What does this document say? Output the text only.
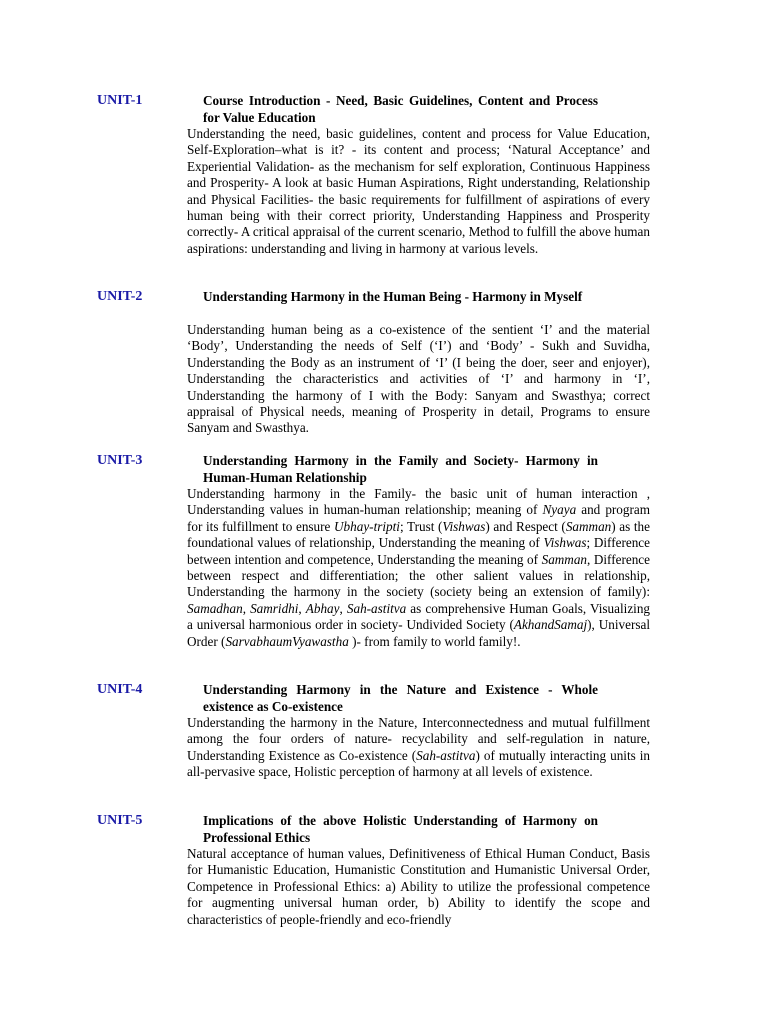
UNIT-1	Course Introduction - Need, Basic Guidelines, Content and Process for Value Education
Understanding the need, basic guidelines, content and process for Value Education, Self-Exploration–what is it? - its content and process; ‘Natural Acceptance’ and Experiential Validation- as the mechanism for self exploration, Continuous Happiness and Prosperity- A look at basic Human Aspirations, Right understanding, Relationship and Physical Facilities- the basic requirements for fulfillment of aspirations of every human being with their correct priority, Understanding Happiness and Prosperity correctly- A critical appraisal of the current scenario, Method to fulfill the above human aspirations: understanding and living in harmony at various levels.
UNIT-2	Understanding Harmony in the Human Being - Harmony in Myself
Understanding human being as a co-existence of the sentient ‘I’ and the material ‘Body’, Understanding the needs of Self (‘I’) and ‘Body’ - Sukh and Suvidha, Understanding the Body as an instrument of ‘I’ (I being the doer, seer and enjoyer), Understanding the characteristics and activities of ‘I’ and harmony in ‘I’, Understanding the harmony of I with the Body: Sanyam and Swasthya; correct appraisal of Physical needs, meaning of Prosperity in detail, Programs to ensure Sanyam and Swasthya.
UNIT-3	Understanding Harmony in the Family and Society- Harmony in Human-Human Relationship
Understanding harmony in the Family- the basic unit of human interaction , Understanding values in human-human relationship; meaning of Nyaya and program for its fulfillment to ensure Ubhay-tripti; Trust (Vishwas) and Respect (Samman) as the foundational values of relationship, Understanding the meaning of Vishwas; Difference between intention and competence, Understanding the meaning of Samman, Difference between respect and differentiation; the other salient values in relationship, Understanding the harmony in the society (society being an extension of family): Samadhan, Samridhi, Abhay, Sah-astitva as comprehensive Human Goals, Visualizing a universal harmonious order in society- Undivided Society (AkhandSamaj), Universal Order (SarvabhaumVyawastha )- from family to world family!.
UNIT-4	Understanding Harmony in the Nature and Existence - Whole existence as Co-existence
Understanding the harmony in the Nature, Interconnectedness and mutual fulfillment among the four orders of nature- recyclability and self-regulation in nature, Understanding Existence as Co-existence (Sah-astitva) of mutually interacting units in all-pervasive space, Holistic perception of harmony at all levels of existence.
UNIT-5	Implications of the above Holistic Understanding of Harmony on Professional Ethics
Natural acceptance of human values, Definitiveness of Ethical Human Conduct, Basis for Humanistic Education, Humanistic Constitution and Humanistic Universal Order, Competence in Professional Ethics: a) Ability to utilize the professional competence for augmenting universal human order, b) Ability to identify the scope and characteristics of people-friendly and eco-friendly
